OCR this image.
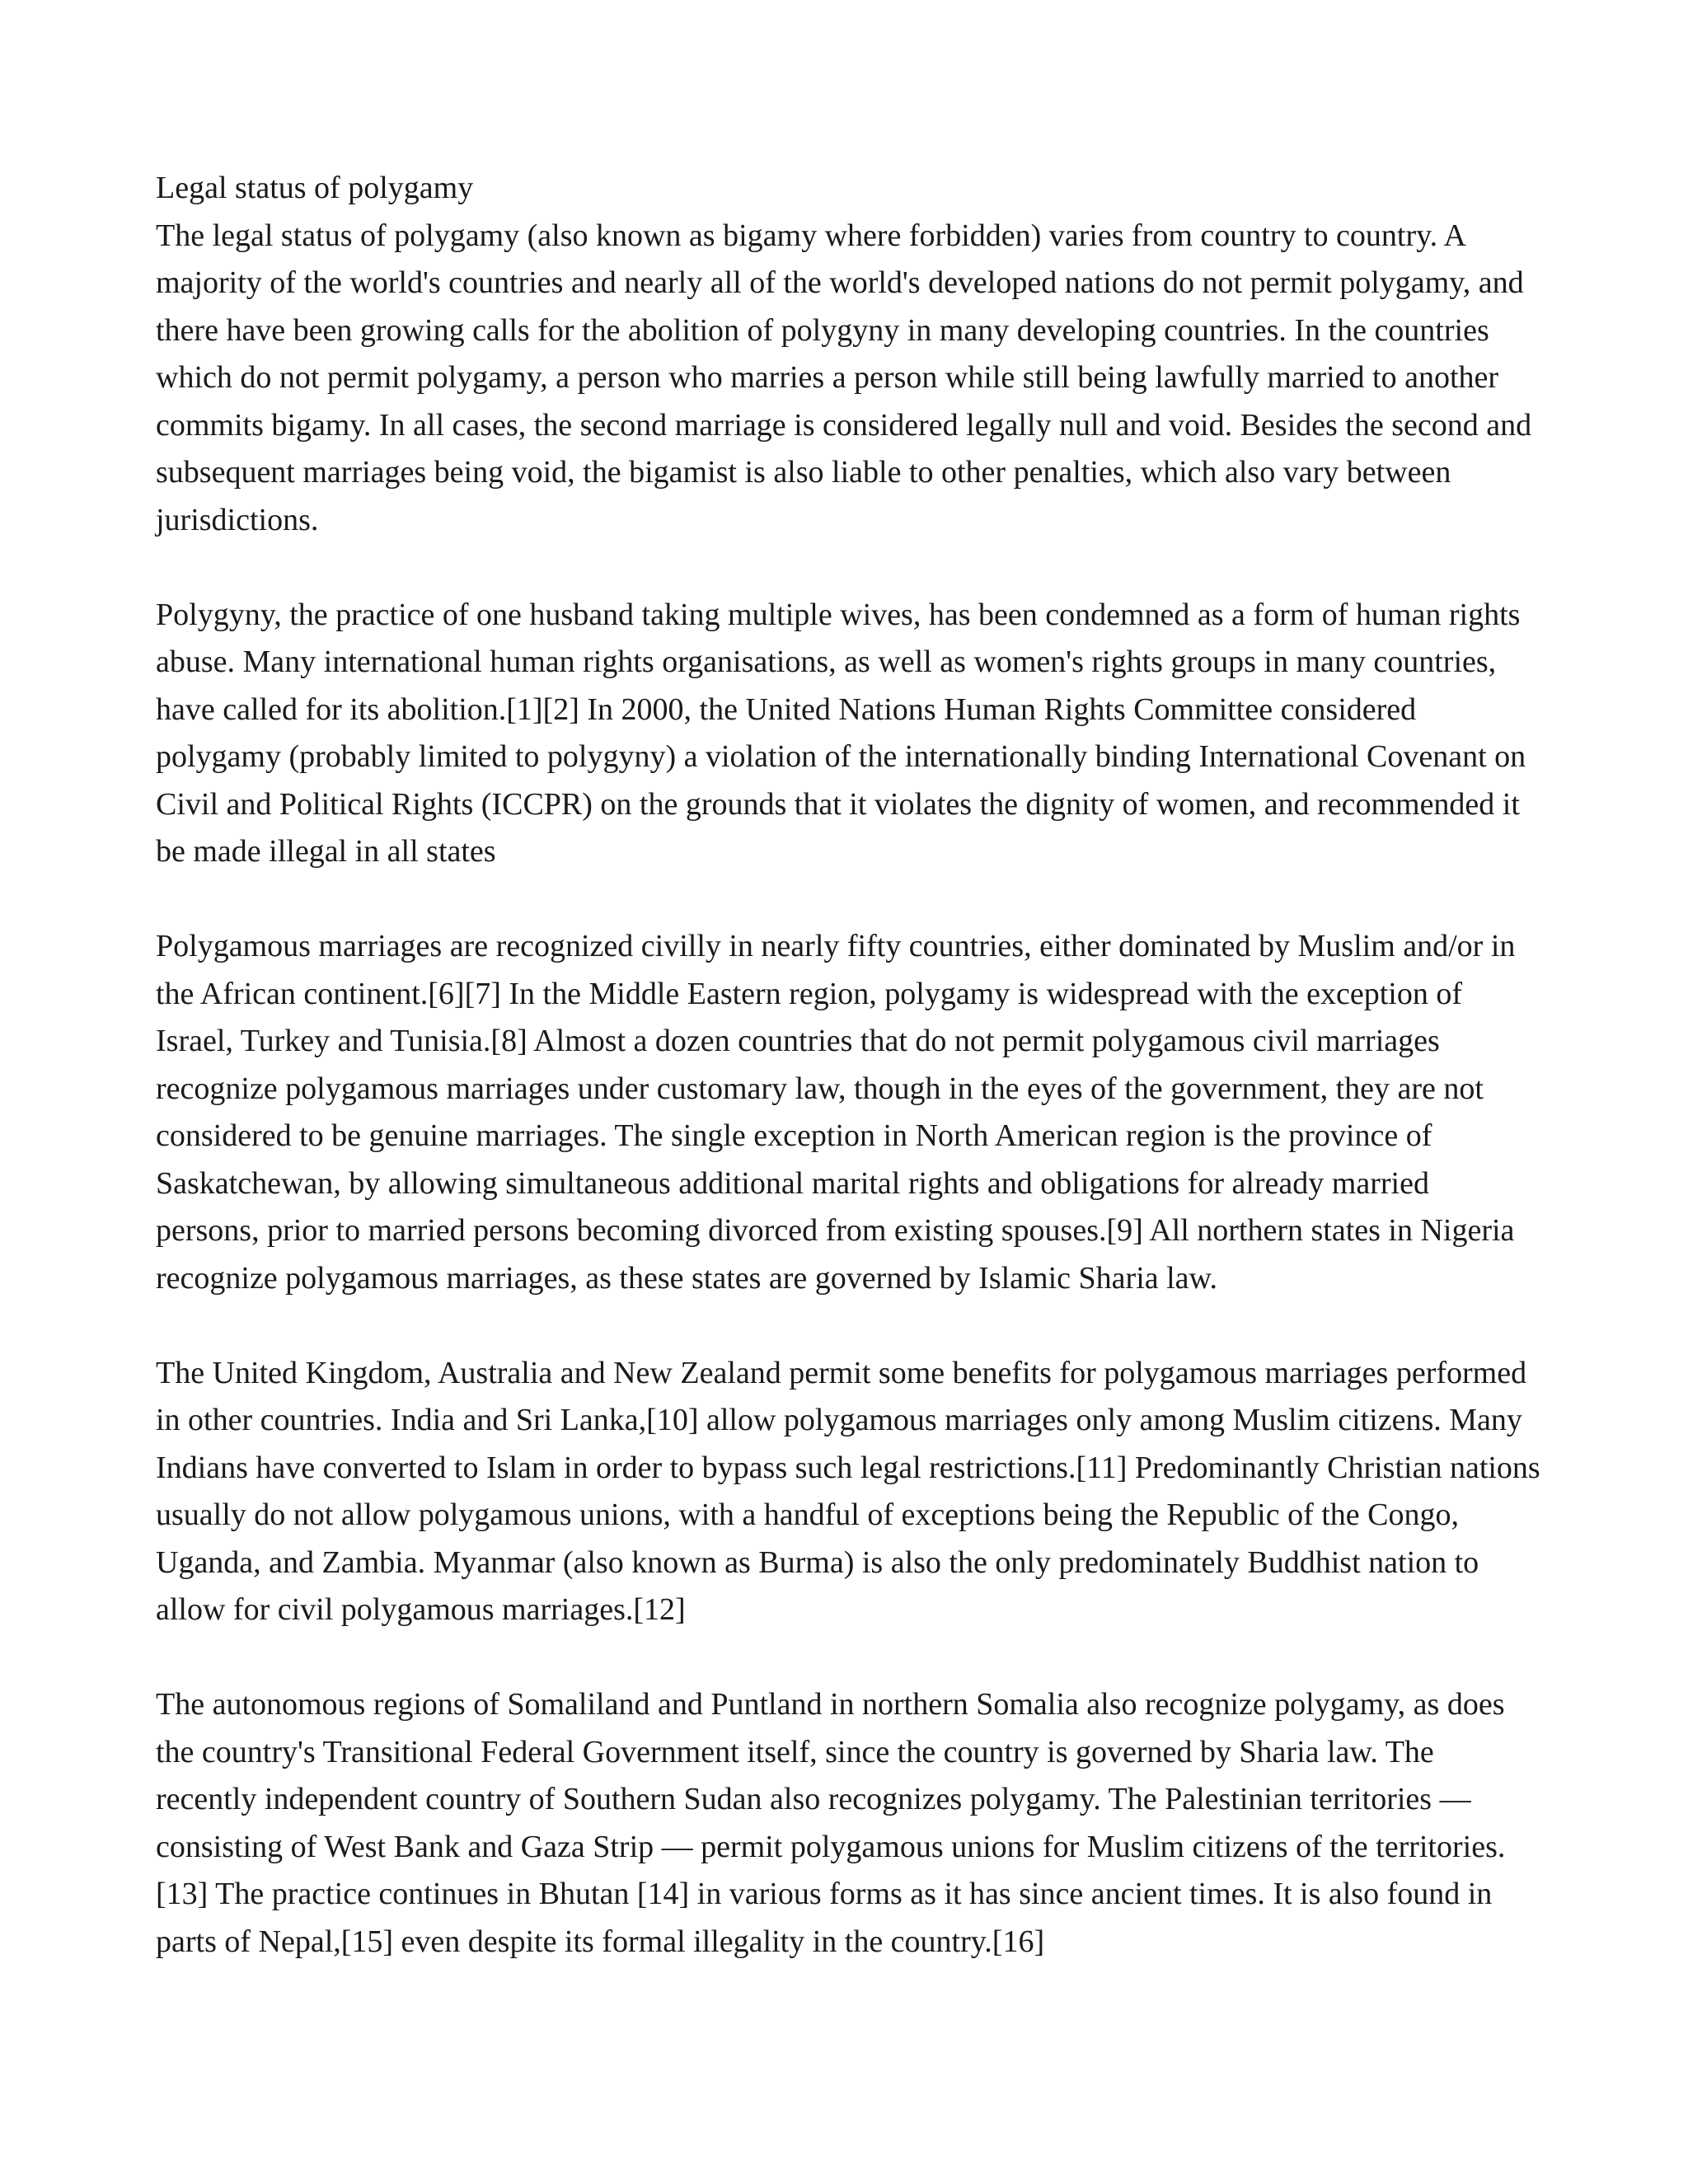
Legal status of polygamy

The legal status of polygamy (also known as bigamy where forbidden) varies from country to country. A majority of the world's countries and nearly all of the world's developed nations do not permit polygamy, and there have been growing calls for the abolition of polygyny in many developing countries. In the countries which do not permit polygamy, a person who marries a person while still being lawfully married to another commits bigamy. In all cases, the second marriage is considered legally null and void. Besides the second and subsequent marriages being void, the bigamist is also liable to other penalties, which also vary between jurisdictions.

Polygyny, the practice of one husband taking multiple wives, has been condemned as a form of human rights abuse. Many international human rights organisations, as well as women's rights groups in many countries, have called for its abolition.[1][2] In 2000, the United Nations Human Rights Committee considered polygamy (probably limited to polygyny) a violation of the internationally binding International Covenant on Civil and Political Rights (ICCPR) on the grounds that it violates the dignity of women, and recommended it be made illegal in all states

Polygamous marriages are recognized civilly in nearly fifty countries, either dominated by Muslim and/or in the African continent.[6][7] In the Middle Eastern region, polygamy is widespread with the exception of Israel, Turkey and Tunisia.[8] Almost a dozen countries that do not permit polygamous civil marriages recognize polygamous marriages under customary law, though in the eyes of the government, they are not considered to be genuine marriages. The single exception in North American region is the province of Saskatchewan, by allowing simultaneous additional marital rights and obligations for already married persons, prior to married persons becoming divorced from existing spouses.[9] All northern states in Nigeria recognize polygamous marriages, as these states are governed by Islamic Sharia law.

The United Kingdom, Australia and New Zealand permit some benefits for polygamous marriages performed in other countries. India and Sri Lanka,[10] allow polygamous marriages only among Muslim citizens. Many Indians have converted to Islam in order to bypass such legal restrictions.[11] Predominantly Christian nations usually do not allow polygamous unions, with a handful of exceptions being the Republic of the Congo, Uganda, and Zambia. Myanmar (also known as Burma) is also the only predominately Buddhist nation to allow for civil polygamous marriages.[12]

The autonomous regions of Somaliland and Puntland in northern Somalia also recognize polygamy, as does the country's Transitional Federal Government itself, since the country is governed by Sharia law. The recently independent country of Southern Sudan also recognizes polygamy. The Palestinian territories — consisting of West Bank and Gaza Strip — permit polygamous unions for Muslim citizens of the territories.[13] The practice continues in Bhutan [14] in various forms as it has since ancient times. It is also found in parts of Nepal,[15] even despite its formal illegality in the country.[16]
